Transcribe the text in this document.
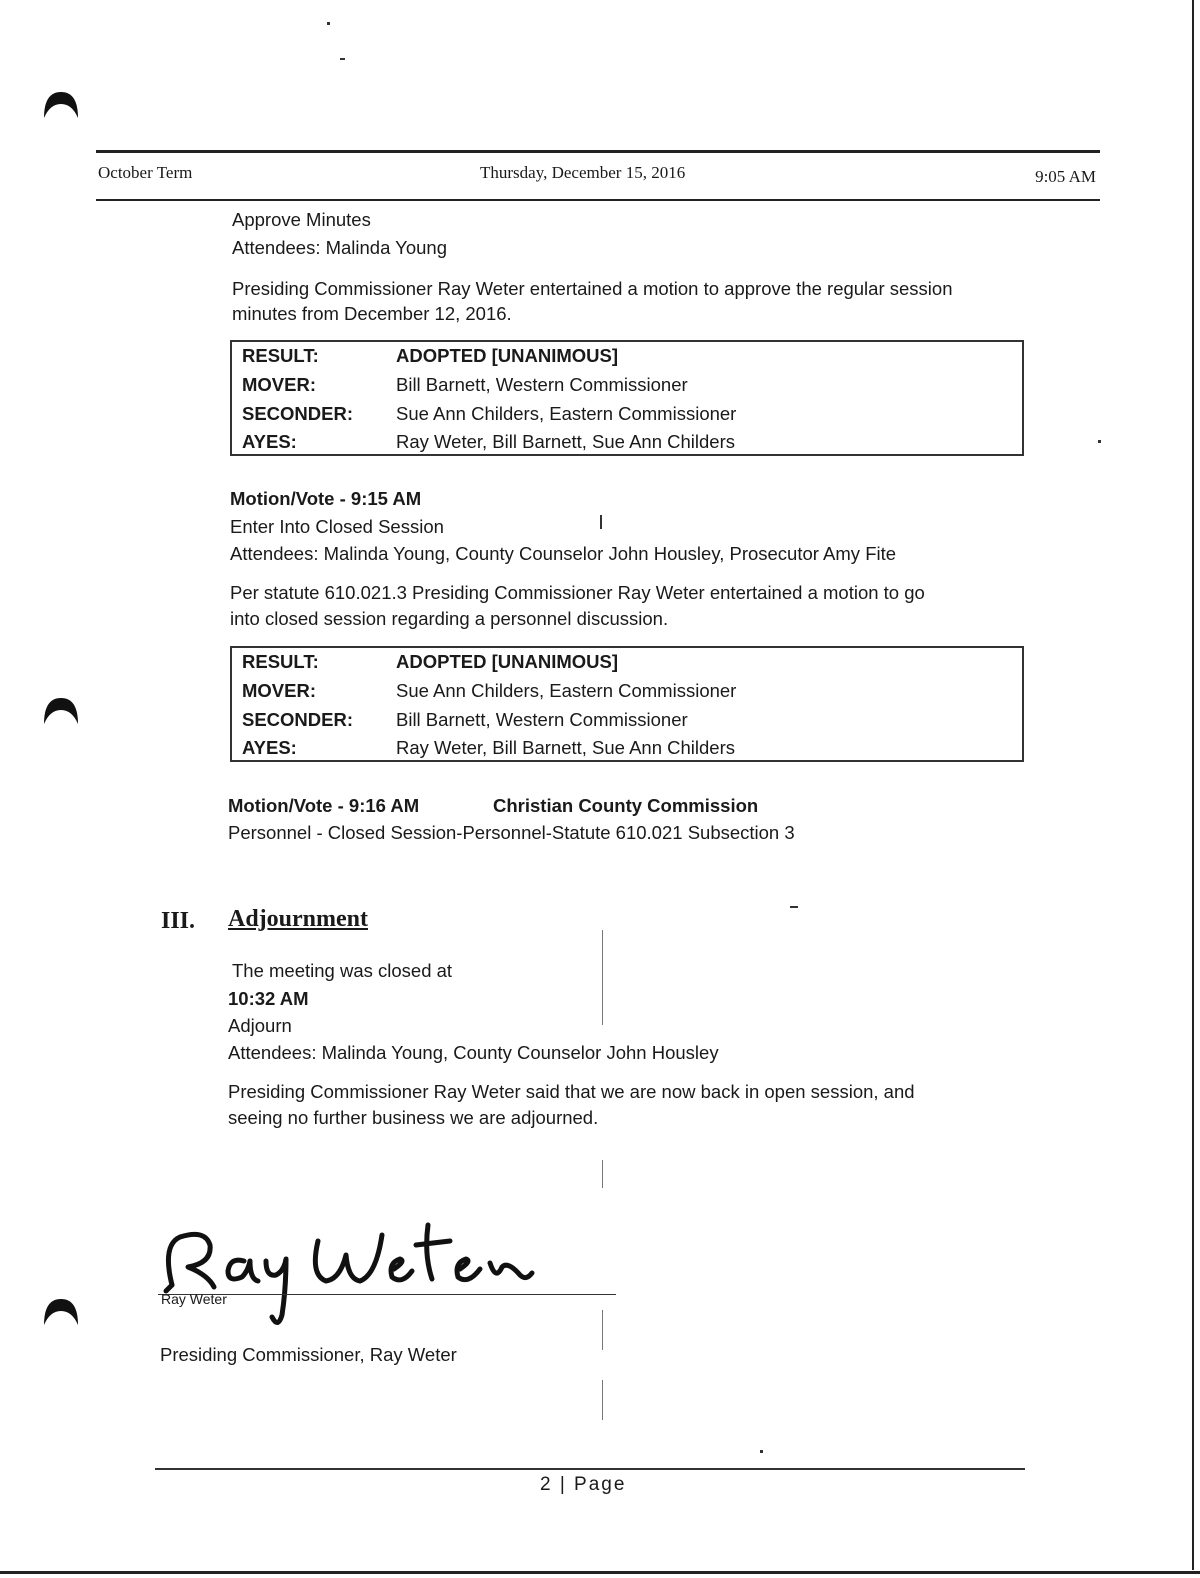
October Term	Thursday, December 15, 2016	9:05 AM
Approve Minutes
Attendees: Malinda Young
Presiding Commissioner Ray Weter entertained a motion to approve the regular session
minutes from December 12, 2016.
RESULT:	ADOPTED [UNANIMOUS]
MOVER:	Bill Barnett, Western Commissioner
SECONDER: Sue Ann Childers, Eastern Commissioner
AYES:	Ray Weter, Bill Barnett, Sue Ann Childers
Motion/Vote - 9:15 AM
Enter Into Closed Session
Attendees: Malinda Young, County Counselor John Housley, Prosecutor Amy Fite
Per statute 610.021.3 Presiding Commissioner Ray Weter entertained a motion to go
into closed session regarding a personnel discussion.
RESULT:	ADOPTED [UNANIMOUS]
MOVER:	Sue Ann Childers, Eastern Commissioner
SECONDER: Bill Barnett, Western Commissioner
AYES:	Ray Weter, Bill Barnett, Sue Ann Childers
Motion/Vote - 9:16 AM	Christian County Commission
Personnel - Closed Session-Personnel-Statute 610.021 Subsection 3
III. Adjournment
The meeting was closed at
10:32 AM
Adjourn
Attendees: Malinda Young, County Counselor John Housley
Presiding Commissioner Ray Weter said that we are now back in open session, and
seeing no further business we are adjourned.
Ray Weter
Presiding Commissioner, Ray Weter
2 | Page
